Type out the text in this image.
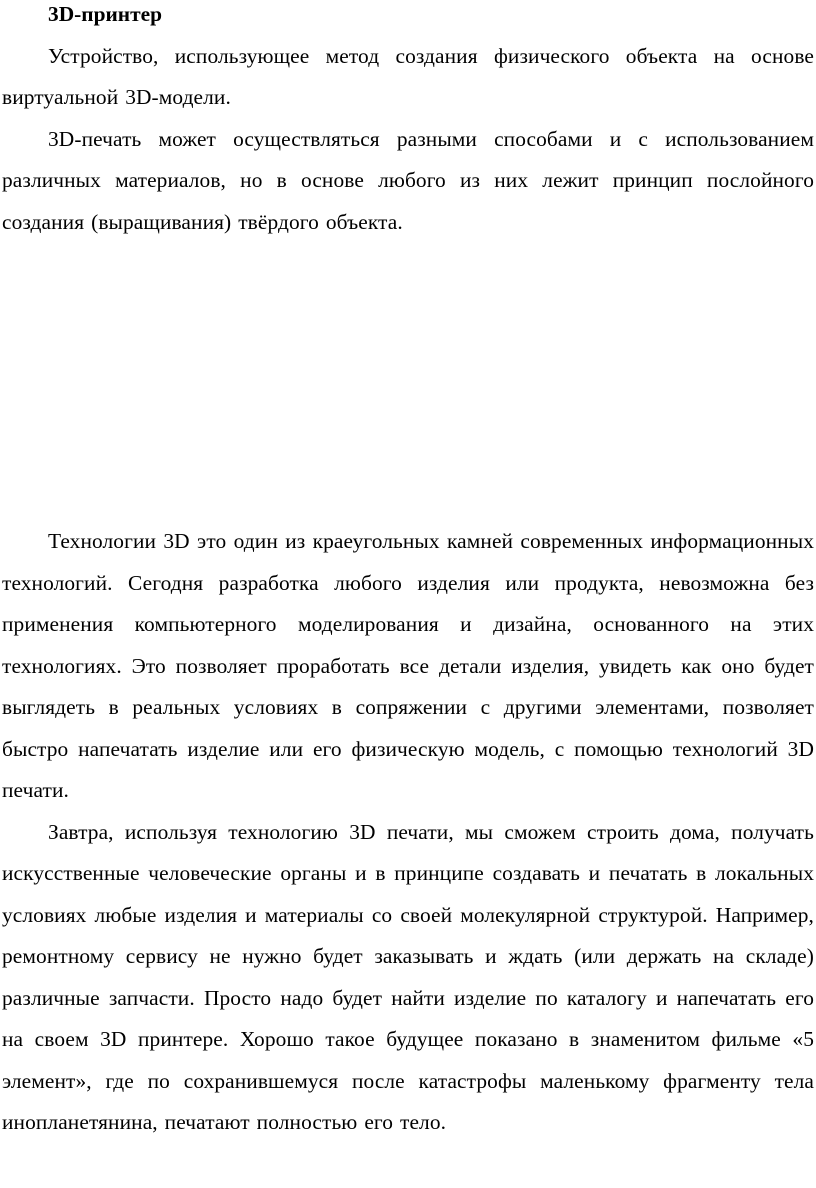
3D-принтер

Устройство, использующее метод создания физического объекта на основе виртуальной 3D-модели.

3D-печать может осуществляться разными способами и с использованием различных материалов, но в основе любого из них лежит принцип послойного создания (выращивания) твёрдого объекта.

Технологии 3D это один из краеугольных камней современных информационных технологий. Сегодня разработка любого изделия или продукта, невозможна без применения компьютерного моделирования и дизайна, основанного на этих технологиях. Это позволяет проработать все детали изделия, увидеть как оно будет выглядеть в реальных условиях в сопряжении с другими элементами, позволяет быстро напечатать изделие или его физическую модель, с помощью технологий 3D печати.

Завтра, используя технологию 3D печати, мы сможем строить дома, получать искусственные человеческие органы и в принципе создавать и печатать в локальных условиях любые изделия и материалы со своей молекулярной структурой. Например, ремонтному сервису не нужно будет заказывать и ждать (или держать на складе) различные запчасти. Просто надо будет найти изделие по каталогу и напечатать его на своем 3D принтере. Хорошо такое будущее показано в знаменитом фильме «5 элемент», где по сохранившемуся после катастрофы маленькому фрагменту тела инопланетянина, печатают полностью его тело.
